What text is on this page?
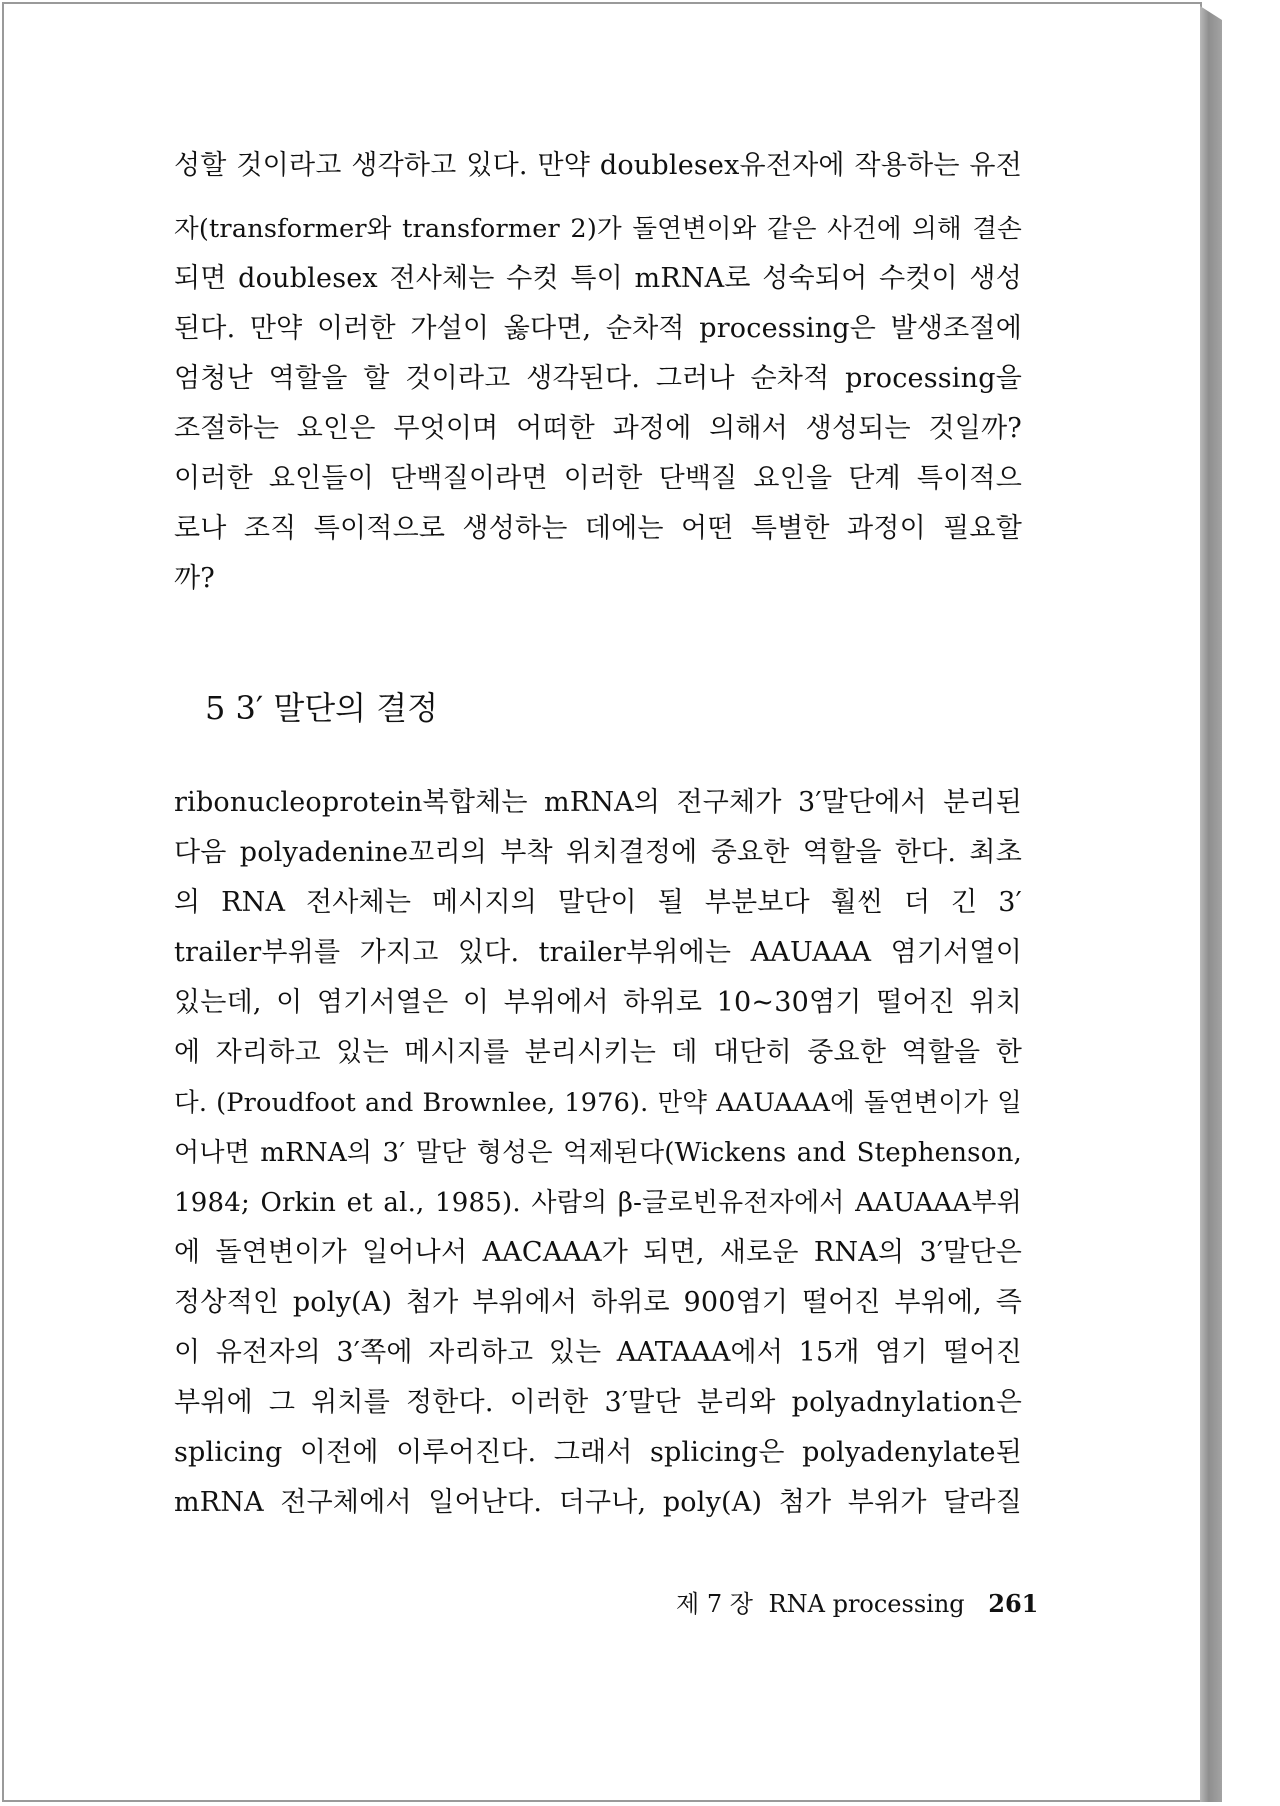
성할 것이라고 생각하고 있다. 만약 doublesex유전자에 작용하는 유전
자(transformer와 transformer 2)가 돌연변이와 같은 사건에 의해 결손
되면 doublesex 전사체는 수컷 특이 mRNA로 성숙되어 수컷이 생성
된다. 만약 이러한 가설이 옳다면, 순차적 processing은 발생조절에
엄청난 역할을 할 것이라고 생각된다. 그러나 순차적 processing을
조절하는 요인은 무엇이며 어떠한 과정에 의해서 생성되는 것일까?
이러한 요인들이 단백질이라면 이러한 단백질 요인을 단계 특이적으
로나 조직 특이적으로 생성하는 데에는 어떤 특별한 과정이 필요할
까?
5 3′ 말단의 결정
ribonucleoprotein복합체는 mRNA의 전구체가 3′말단에서 분리된
다음 polyadenine꼬리의 부착 위치결정에 중요한 역할을 한다. 최초
의 RNA 전사체는 메시지의 말단이 될 부분보다 훨씬 더 긴 3′
trailer부위를 가지고 있다. trailer부위에는 AAUAAA 염기서열이
있는데, 이 염기서열은 이 부위에서 하위로 10~30염기 떨어진 위치
에 자리하고 있는 메시지를 분리시키는 데 대단히 중요한 역할을 한
다. (Proudfoot and Brownlee, 1976). 만약 AAUAAA에 돌연변이가 일
어나면 mRNA의 3′ 말단 형성은 억제된다(Wickens and Stephenson,
1984; Orkin et al., 1985). 사람의 β-글로빈유전자에서 AAUAAA부위
에 돌연변이가 일어나서 AACAAA가 되면, 새로운 RNA의 3′말단은
정상적인 poly(A) 첨가 부위에서 하위로 900염기 떨어진 부위에, 즉
이 유전자의 3′쪽에 자리하고 있는 AATAAA에서 15개 염기 떨어진
부위에 그 위치를 정한다. 이러한 3′말단 분리와 polyadnylation은
splicing 이전에 이루어진다. 그래서 splicing은 polyadenylate된
mRNA 전구체에서 일어난다. 더구나, poly(A) 첨가 부위가 달라질
제 7 장 RNA processing 261
